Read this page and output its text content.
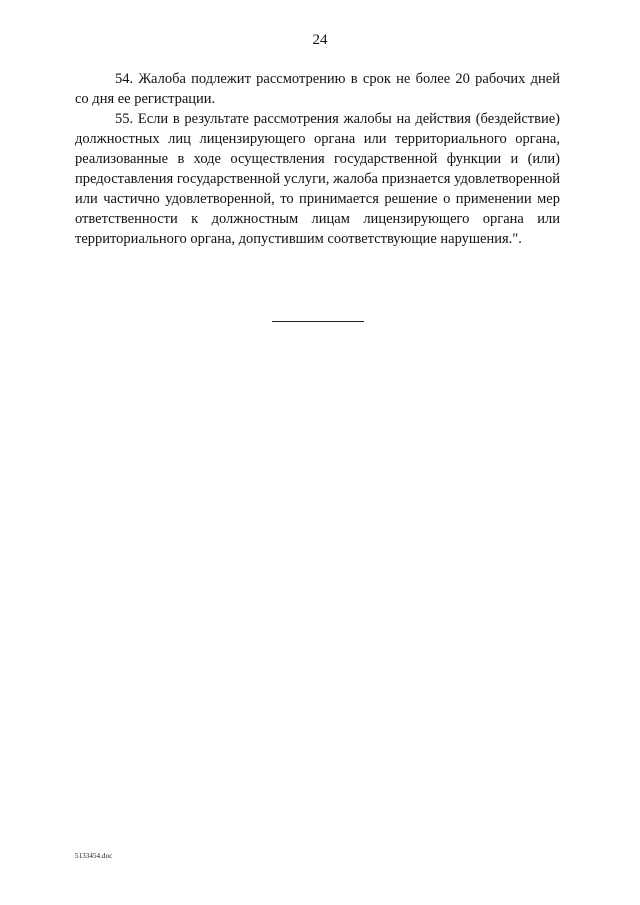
24

54. Жалоба подлежит рассмотрению в срок не более 20 рабочих дней со дня ее регистрации.

55. Если в результате рассмотрения жалобы на действия (бездействие) должностных лиц лицензирующего органа или территориального органа, реализованные в ходе осуществления государственной функции и (или) предоставления государственной услуги, жалоба признается удовлетворенной или частично удовлетворенной, то принимается решение о применении мер ответственности к должностным лицам лицензирующего органа или территориального органа, допустившим соответствующие нарушения.".

5133454.doc
